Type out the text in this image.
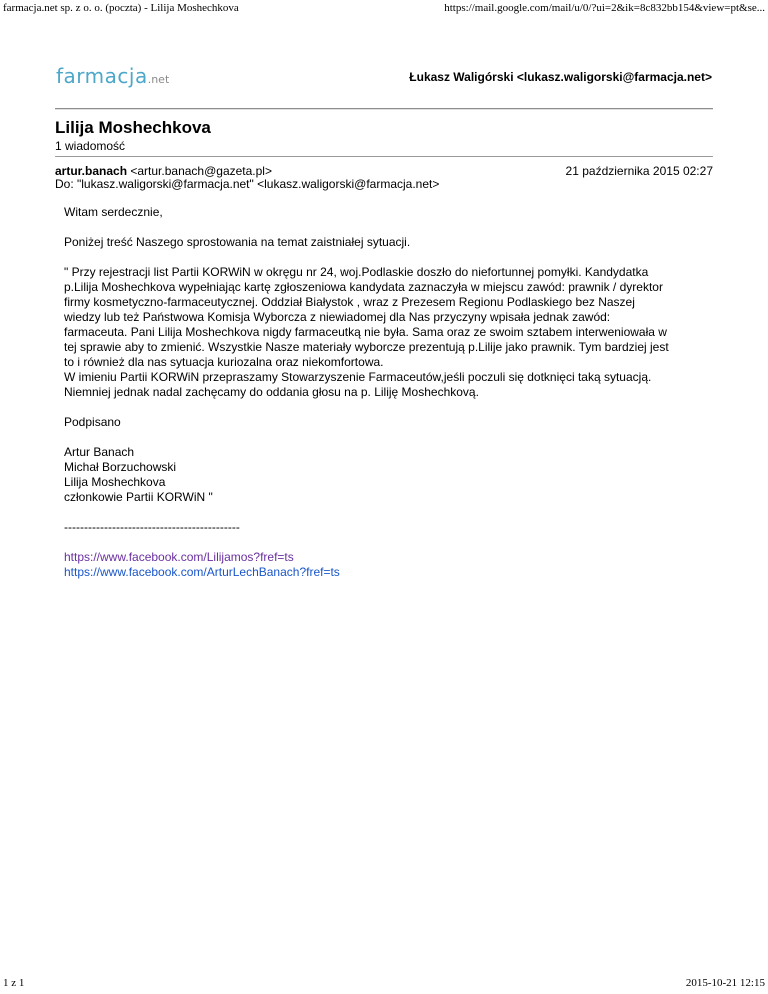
farmacja.net sp. z o. o. (poczta) - Lilija Moshechkova	https://mail.google.com/mail/u/0/?ui=2&ik=8c832bb154&view=pt&se...
farmacja.net	Łukasz Waligórski <lukasz.waligorski@farmacja.net>
Lilija Moshechkova
1 wiadomość
artur.banach <artur.banach@gazeta.pl>	21 października 2015 02:27
Do: "lukasz.waligorski@farmacja.net" <lukasz.waligorski@farmacja.net>

Witam serdecznie,

Poniżej treść Naszego sprostowania na temat zaistniałej sytuacji.

" Przy rejestracji list Partii KORWiN w okręgu nr 24, woj.Podlaskie doszło do niefortunnej pomyłki. Kandydatka
p.Lilija Moshechkova wypełniając kartę zgłoszeniowa kandydata zaznaczyła w miejscu zawód: prawnik / dyrektor
firmy kosmetyczno-farmaceutycznej. Oddział Białystok , wraz z Prezesem Regionu Podlaskiego bez Naszej
wiedzy lub też Państwowa Komisja Wyborcza z niewiadomej dla Nas przyczyny wpisała jednak zawód:
farmaceuta. Pani Lilija Moshechkova nigdy farmaceutką nie była. Sama oraz ze swoim sztabem interweniowała w
tej sprawie aby to zmienić. Wszystkie Nasze materiały wyborcze prezentują p.Lilije jako prawnik. Tym bardziej jest
to i również dla nas sytuacja kuriozalna oraz niekomfortowa.
W imieniu Partii KORWiN przepraszamy Stowarzyszenie Farmaceutów,jeśli poczuli się dotknięci taką sytuacją.
Niemniej jednak nadal zachęcamy do oddania głosu na p. Liliję Moshechkovą.

Podpisano

Artur Banach
Michał Borzuchowski
Lilija Moshechkova
członkowie Partii KORWiN "

--------------------------------------------

https://www.facebook.com/Lilijamos?fref=ts
https://www.facebook.com/ArturLechBanach?fref=ts
1 z 1	2015-10-21 12:15
